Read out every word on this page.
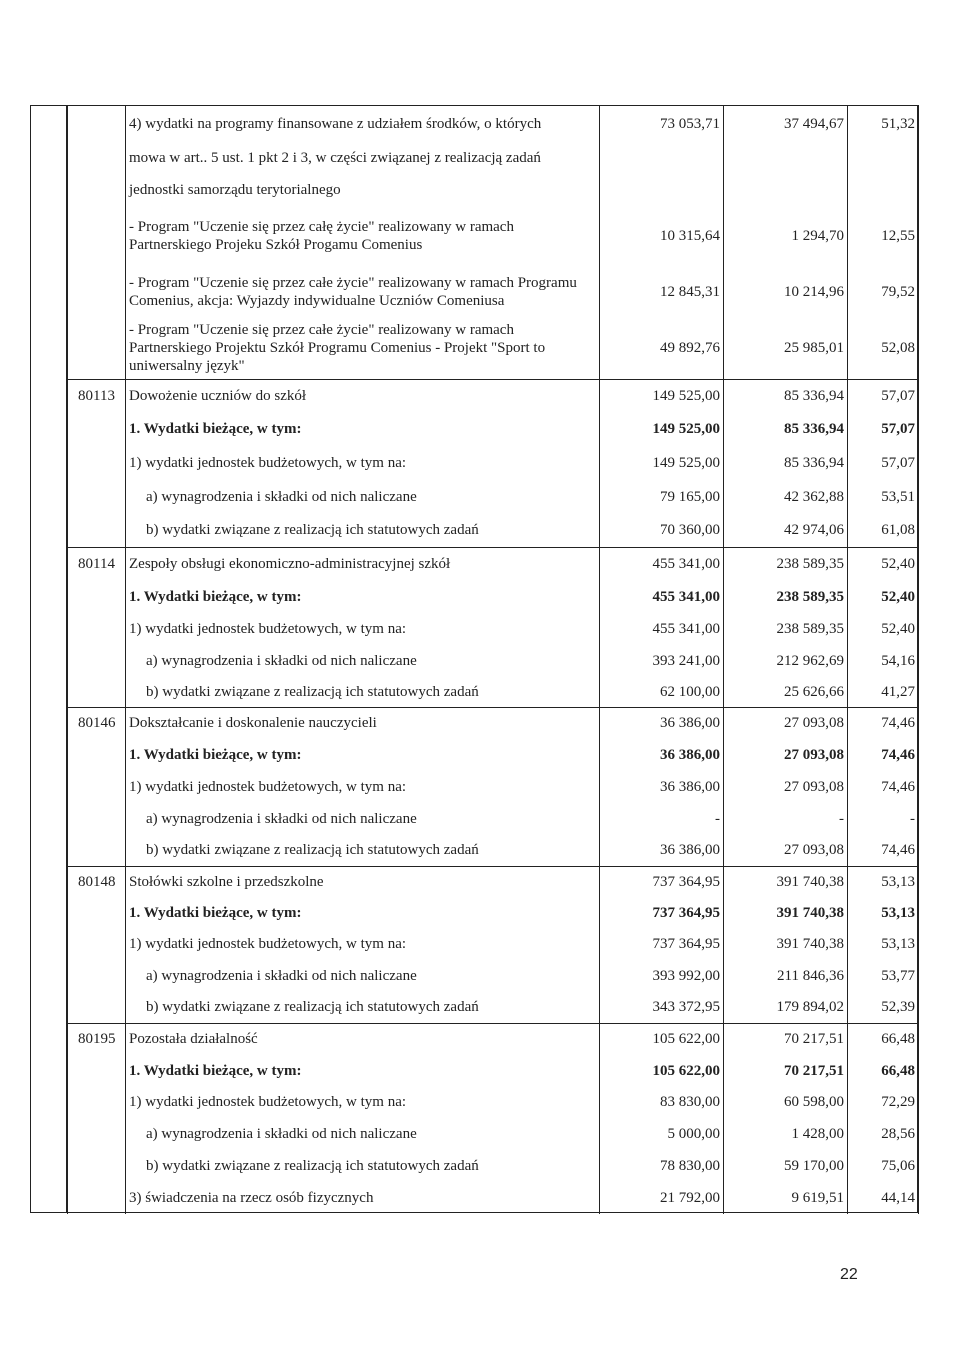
	4) wydatki na programy finansowane z udziałem środków, o których	73 053,71	37 494,67	51,32
	mowa w art.. 5 ust. 1 pkt 2 i 3, w części związanej z realizacją zadań			
	jednostki samorządu terytorialnego			
	- Program "Uczenie się przez całę życie" realizowany w ramach Partnerskiego Projeku Szkół Progamu Comenius	10 315,64	1 294,70	12,55
	- Program "Uczenie się przez całe życie" realizowany w ramach Programu Comenius, akcja: Wyjazdy indywidualne Uczniów Comeniusa	12 845,31	10 214,96	79,52
	- Program "Uczenie się przez całe życie" realizowany w ramach Partnerskiego Projektu Szkół Programu Comenius - Projekt "Sport to uniwersalny język"	49 892,76	25 985,01	52,08
80113	Dowożenie uczniów do szkół	149 525,00	85 336,94	57,07
	1. Wydatki bieżące, w tym:	149 525,00	85 336,94	57,07
	1) wydatki jednostek budżetowych, w tym na:	149 525,00	85 336,94	57,07
	a) wynagrodzenia i składki od nich naliczane	79 165,00	42 362,88	53,51
	b) wydatki związane z realizacją ich statutowych zadań	70 360,00	42 974,06	61,08
80114	Zespoły obsługi ekonomiczno-administracyjnej szkół	455 341,00	238 589,35	52,40
	1. Wydatki bieżące, w tym:	455 341,00	238 589,35	52,40
	1) wydatki jednostek budżetowych, w tym na:	455 341,00	238 589,35	52,40
	a) wynagrodzenia i składki od nich naliczane	393 241,00	212 962,69	54,16
	b) wydatki związane z realizacją ich statutowych zadań	62 100,00	25 626,66	41,27
80146	Dokształcanie i doskonalenie nauczycieli	36 386,00	27 093,08	74,46
	1. Wydatki bieżące, w tym:	36 386,00	27 093,08	74,46
	1) wydatki jednostek budżetowych, w tym na:	36 386,00	27 093,08	74,46
	a) wynagrodzenia i składki od nich naliczane	-	-	-
	b) wydatki związane z realizacją ich statutowych zadań	36 386,00	27 093,08	74,46
80148	Stołówki szkolne i przedszkolne	737 364,95	391 740,38	53,13
	1. Wydatki bieżące, w tym:	737 364,95	391 740,38	53,13
	1) wydatki jednostek budżetowych, w tym na:	737 364,95	391 740,38	53,13
	a) wynagrodzenia i składki od nich naliczane	393 992,00	211 846,36	53,77
	b) wydatki związane z realizacją ich statutowych zadań	343 372,95	179 894,02	52,39
80195	Pozostała działalność	105 622,00	70 217,51	66,48
	1. Wydatki bieżące, w tym:	105 622,00	70 217,51	66,48
	1) wydatki jednostek budżetowych, w tym na:	83 830,00	60 598,00	72,29
	a) wynagrodzenia i składki od nich naliczane	5 000,00	1 428,00	28,56
	b) wydatki związane z realizacją ich statutowych zadań	78 830,00	59 170,00	75,06
	3) świadczenia na rzecz osób fizycznych	21 792,00	9 619,51	44,14
22
